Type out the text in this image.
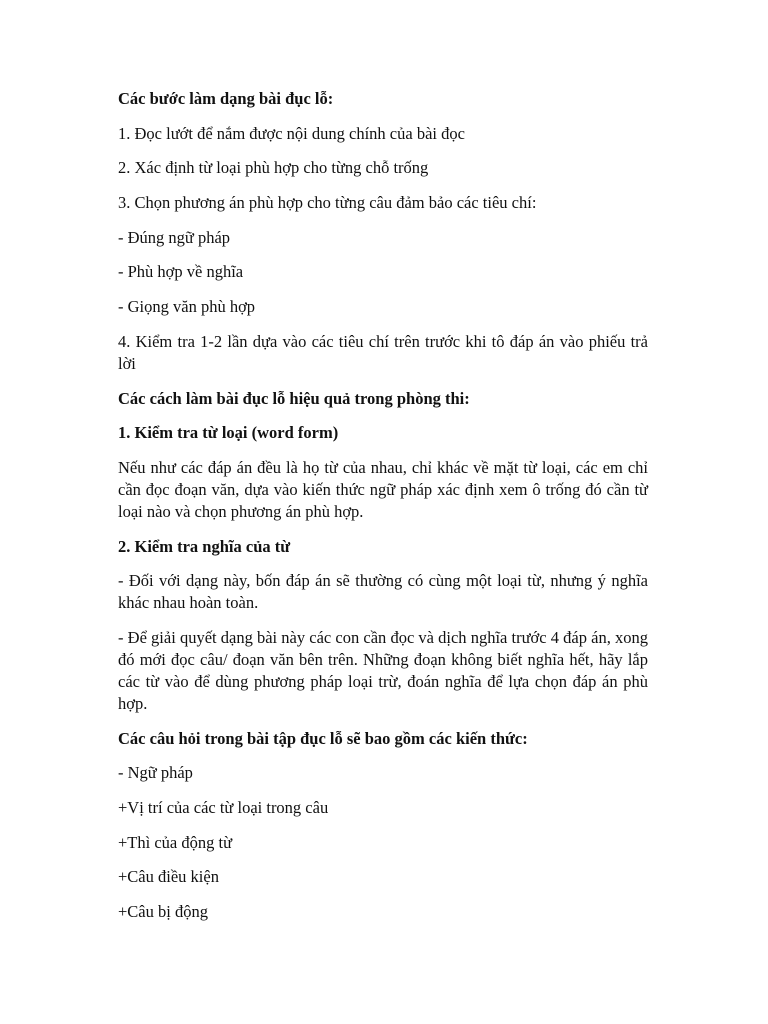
Các bước làm dạng bài đục lỗ:

1. Đọc lướt để nắm được nội dung chính của bài đọc

2. Xác định từ loại phù hợp cho từng chỗ trống

3. Chọn phương án phù hợp cho từng câu đảm bảo các tiêu chí:

- Đúng ngữ pháp

- Phù hợp về nghĩa

- Giọng văn phù hợp

4. Kiểm tra 1-2 lần dựa vào các tiêu chí trên trước khi tô đáp án vào phiếu trả lời

Các cách làm bài đục lỗ hiệu quả trong phòng thi:

1. Kiểm tra từ loại (word form)

Nếu như các đáp án đều là họ từ của nhau, chỉ khác về mặt từ loại, các em chỉ cần đọc đoạn văn, dựa vào kiến thức ngữ pháp xác định xem ô trống đó cần từ loại nào và chọn phương án phù hợp.

2. Kiểm tra nghĩa của từ

- Đối với dạng này, bốn đáp án sẽ thường có cùng một loại từ, nhưng ý nghĩa khác nhau hoàn toàn.

- Để giải quyết dạng bài này các con cần đọc và dịch nghĩa trước 4 đáp án, xong đó mới đọc câu/ đoạn văn bên trên. Những đoạn không biết nghĩa hết, hãy lắp các từ vào để dùng phương pháp loại trừ, đoán nghĩa để lựa chọn đáp án phù hợp.

Các câu hỏi trong bài tập đục lỗ sẽ bao gồm các kiến thức:

- Ngữ pháp

+Vị trí của các từ loại trong câu

+Thì của động từ

+Câu điều kiện

+Câu bị động
